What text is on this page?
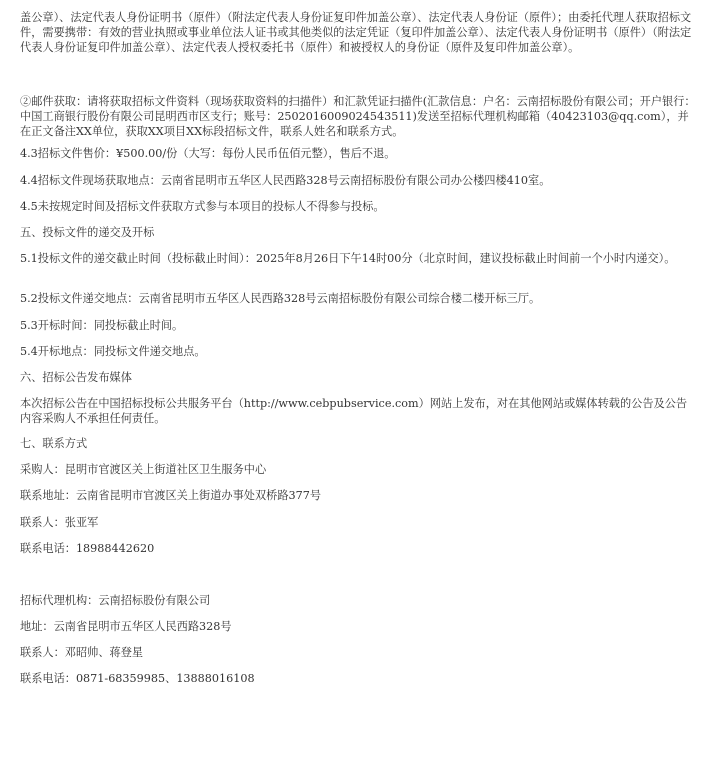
盖公章）、法定代表人身份证明书（原件）（附法定代表人身份证复印件加盖公章）、法定代表人身份证（原件）；由委托代理人获取招标文件，需要携带：有效的营业执照或事业单位法人证书或其他类似的法定凭证（复印件加盖公章）、法定代表人身份证明书（原件）（附法定代表人身份证复印件加盖公章）、法定代表人授权委托书（原件）和被授权人的身份证（原件及复印件加盖公章）。

②邮件获取：请将获取招标文件资料（现场获取资料的扫描件）和汇款凭证扫描件(汇款信息：户名：云南招标股份有限公司；开户银行：中国工商银行股份有限公司昆明西市区支行；账号：2502016009024543511)发送至招标代理机构邮箱（40423103@qq.com），并在正文备注XX单位，获取XX项目XX标段招标文件，联系人姓名和联系方式。

4.3招标文件售价：¥500.00/份（大写：每份人民币伍佰元整），售后不退。

4.4招标文件现场获取地点：云南省昆明市五华区人民西路328号云南招标股份有限公司办公楼四楼410室。

4.5未按规定时间及招标文件获取方式参与本项目的投标人不得参与投标。

五、投标文件的递交及开标

5.1投标文件的递交截止时间（投标截止时间）：2025年8月26日下午14时00分（北京时间，建议投标截止时间前一个小时内递交）。

5.2投标文件递交地点：云南省昆明市五华区人民西路328号云南招标股份有限公司综合楼二楼开标三厅。

5.3开标时间：同投标截止时间。

5.4开标地点：同投标文件递交地点。

六、招标公告发布媒体

本次招标公告在中国招标投标公共服务平台（http://www.cebpubservice.com）网站上发布，对在其他网站或媒体转载的公告及公告内容采购人不承担任何责任。

七、联系方式

采购人：昆明市官渡区关上街道社区卫生服务中心

联系地址：云南省昆明市官渡区关上街道办事处双桥路377号

联系人：张亚军

联系电话：18988442620

招标代理机构：云南招标股份有限公司

地址：云南省昆明市五华区人民西路328号

联系人：邓昭帅、蒋登星

联系电话：0871-68359985、13888016108
